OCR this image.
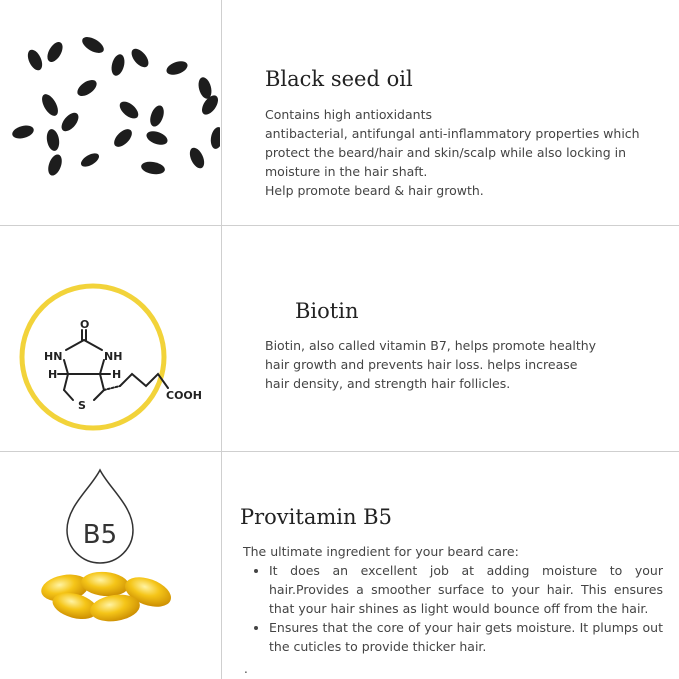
Black seed oil

Contains high antioxidants

antibacterial, antifungal anti-inflammatory properties which protect the beard/hair and skin/scalp while also locking in moisture in the hair shaft.

Help promote beard & hair growth.

O
HN	NH
H	H
S
COOH
Biotin

Biotin, also called vitamin B7, helps promote healthy hair growth and prevents hair loss. helps increase hair density, and strength hair follicles.

B5
Provitamin B5

The ultimate ingredient for your beard care:

• It does an excellent job at adding moisture to your hair.Provides a smoother surface to your hair. This ensures that your hair shines as light would bounce off from the hair.
• Ensures that the core of your hair gets moisture. It plumps out the cuticles to provide thicker hair.
.
